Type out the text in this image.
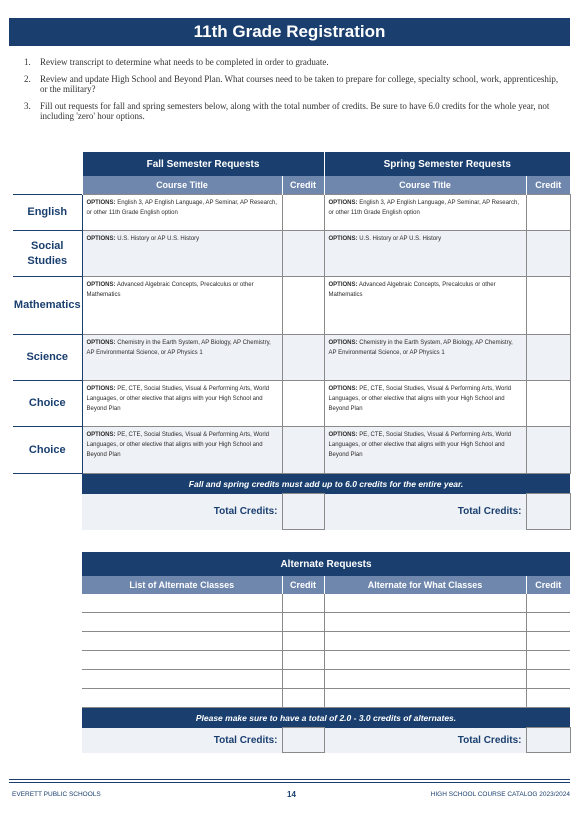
11th Grade Registration
1.	Review transcript to determine what needs to be completed in order to graduate.
2.	Review and update High School and Beyond Plan. What courses need to be taken to prepare for college, specialty school, work, apprenticeship, or the military?
3.	Fill out requests for fall and spring semesters below, along with the total number of credits. Be sure to have 6.0 credits for the whole year, not including 'zero' hour options.
	Fall Semester Requests		Spring Semester Requests	
	Course Title	Credit	Course Title	Credit
English	OPTIONS: English 3, AP English Language, AP Seminar, AP Research, or other 11th Grade English option		OPTIONS: English 3, AP English Language, AP Seminar, AP Research, or other 11th Grade English option	
Social Studies	OPTIONS: U.S. History or AP U.S. History		OPTIONS: U.S. History or AP U.S. History	
Mathematics	OPTIONS: Advanced Algebraic Concepts, Precalculus or other Mathematics		OPTIONS: Advanced Algebraic Concepts, Precalculus or other Mathematics	
Science	OPTIONS: Chemistry in the Earth System, AP Biology, AP Chemistry, AP Environmental Science, or AP Physics 1		OPTIONS: Chemistry in the Earth System, AP Biology, AP Chemistry, AP Environmental Science, or AP Physics 1	
Choice	OPTIONS: PE, CTE, Social Studies, Visual & Performing Arts, World Languages, or other elective that aligns with your High School and Beyond Plan		OPTIONS: PE, CTE, Social Studies, Visual & Performing Arts, World Languages, or other elective that aligns with your High School and Beyond Plan	
Choice	OPTIONS: PE, CTE, Social Studies, Visual & Performing Arts, World Languages, or other elective that aligns with your High School and Beyond Plan		OPTIONS: PE, CTE, Social Studies, Visual & Performing Arts, World Languages, or other elective that aligns with your High School and Beyond Plan	
	Fall and spring credits must add up to 6.0 credits for the entire year.			
	Total Credits:		Total Credits:	
Alternate Requests			
List of Alternate Classes	Credit	Alternate for What Classes	Credit

Please make sure to have a total of 2.0 - 3.0 credits of alternates.			
Total Credits:		Total Credits:	
EVERETT PUBLIC SCHOOLS	14	HIGH SCHOOL COURSE CATALOG 2023/2024
